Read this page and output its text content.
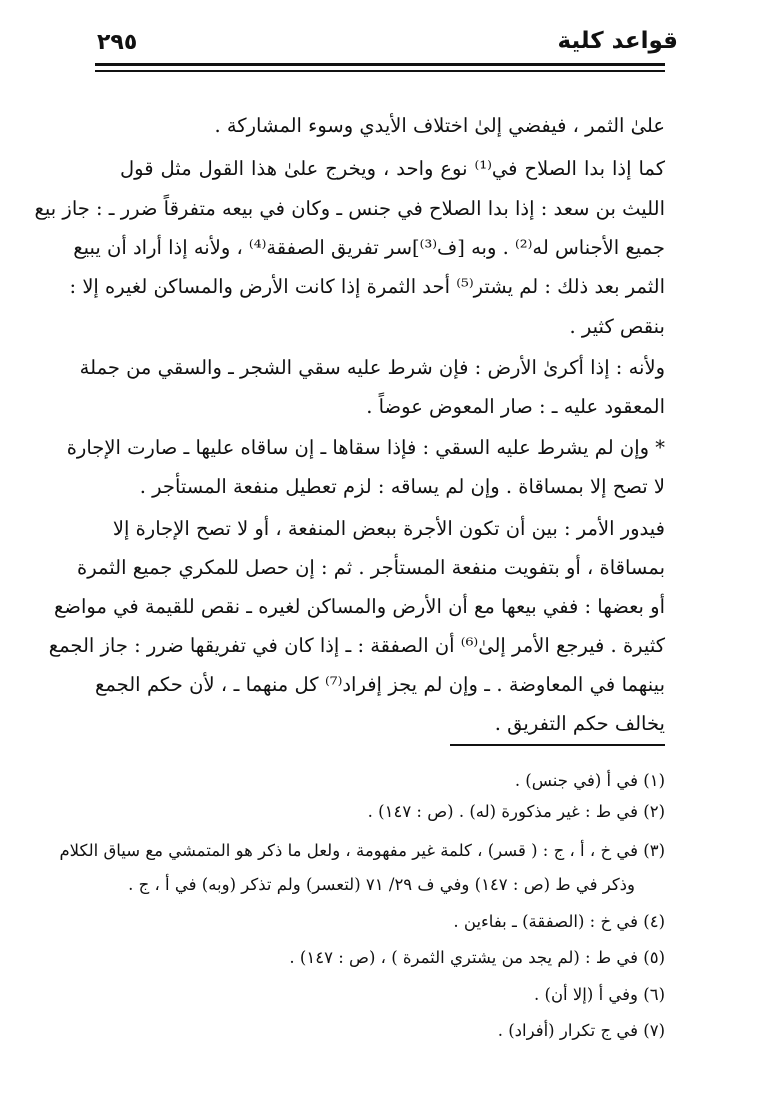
قواعد كلية
٢٩٥
علىٰ الثمر ، فيفضي إلىٰ اختلاف الأيدي وسوء المشاركة .
كما إذا بدا الصلاح في⁽¹⁾ نوع واحد ، ويخرج علىٰ هذا القول مثل قول
الليث بن سعد : إذا بدا الصلاح في جنس ـ وكان في بيعه متفرقاً ضرر ـ : جاز بيع
جميع الأجناس له⁽²⁾ . وبه [ف⁽³⁾]سر تفريق الصفقة⁽⁴⁾ ، ولأنه إذا أراد أن يبيع
الثمر بعد ذلك : لم يشتر⁽⁵⁾ أحد الثمرة إذا كانت الأرض والمساكن لغيره إلا :
بنقص كثير .
ولأنه : إذا أكرىٰ الأرض : فإن شرط عليه سقي الشجر ـ والسقي من جملة
المعقود عليه ـ : صار المعوض عوضاً .
* وإن لم يشرط عليه السقي : فإذا سقاها ـ إن ساقاه عليها ـ صارت الإجارة
لا تصح إلا بمساقاة . وإن لم يساقه : لزم تعطيل منفعة المستأجر .
فيدور الأمر : بين أن تكون الأجرة ببعض المنفعة ، أو لا تصح الإجارة إلا
بمساقاة ، أو بتفويت منفعة المستأجر . ثم : إن حصل للمكري جميع الثمرة
أو بعضها : ففي بيعها مع أن الأرض والمساكن لغيره ـ نقص للقيمة في مواضع
كثيرة . فيرجع الأمر إلىٰ⁽⁶⁾ أن الصفقة : ـ إذا كان في تفريقها ضرر : جاز الجمع
بينهما في المعاوضة . ـ وإن لم يجز إفراد⁽⁷⁾ كل منهما ـ ، لأن حكم الجمع
يخالف حكم التفريق .
(١) في أ (في جنس) .
(٢) في ط : غير مذكورة (له) . (ص : ١٤٧) .
(٣) في خ ، أ ، ج : ( قسر) ، كلمة غير مفهومة ، ولعل ما ذكر هو المتمشي مع سياق الكلام
وذكر في ط (ص : ١٤٧) وفي ف ٢٩/ ٧١ (لتعسر) ولم تذكر (وبه) في أ ، ج .
(٤) في خ : (الصفقة) ـ بفاءين .
(٥) في ط : (لم يجد من يشتري الثمرة ) ، (ص : ١٤٧) .
(٦) وفي أ (إلا أن) .
(٧) في ج تكرار (أفراد) .
